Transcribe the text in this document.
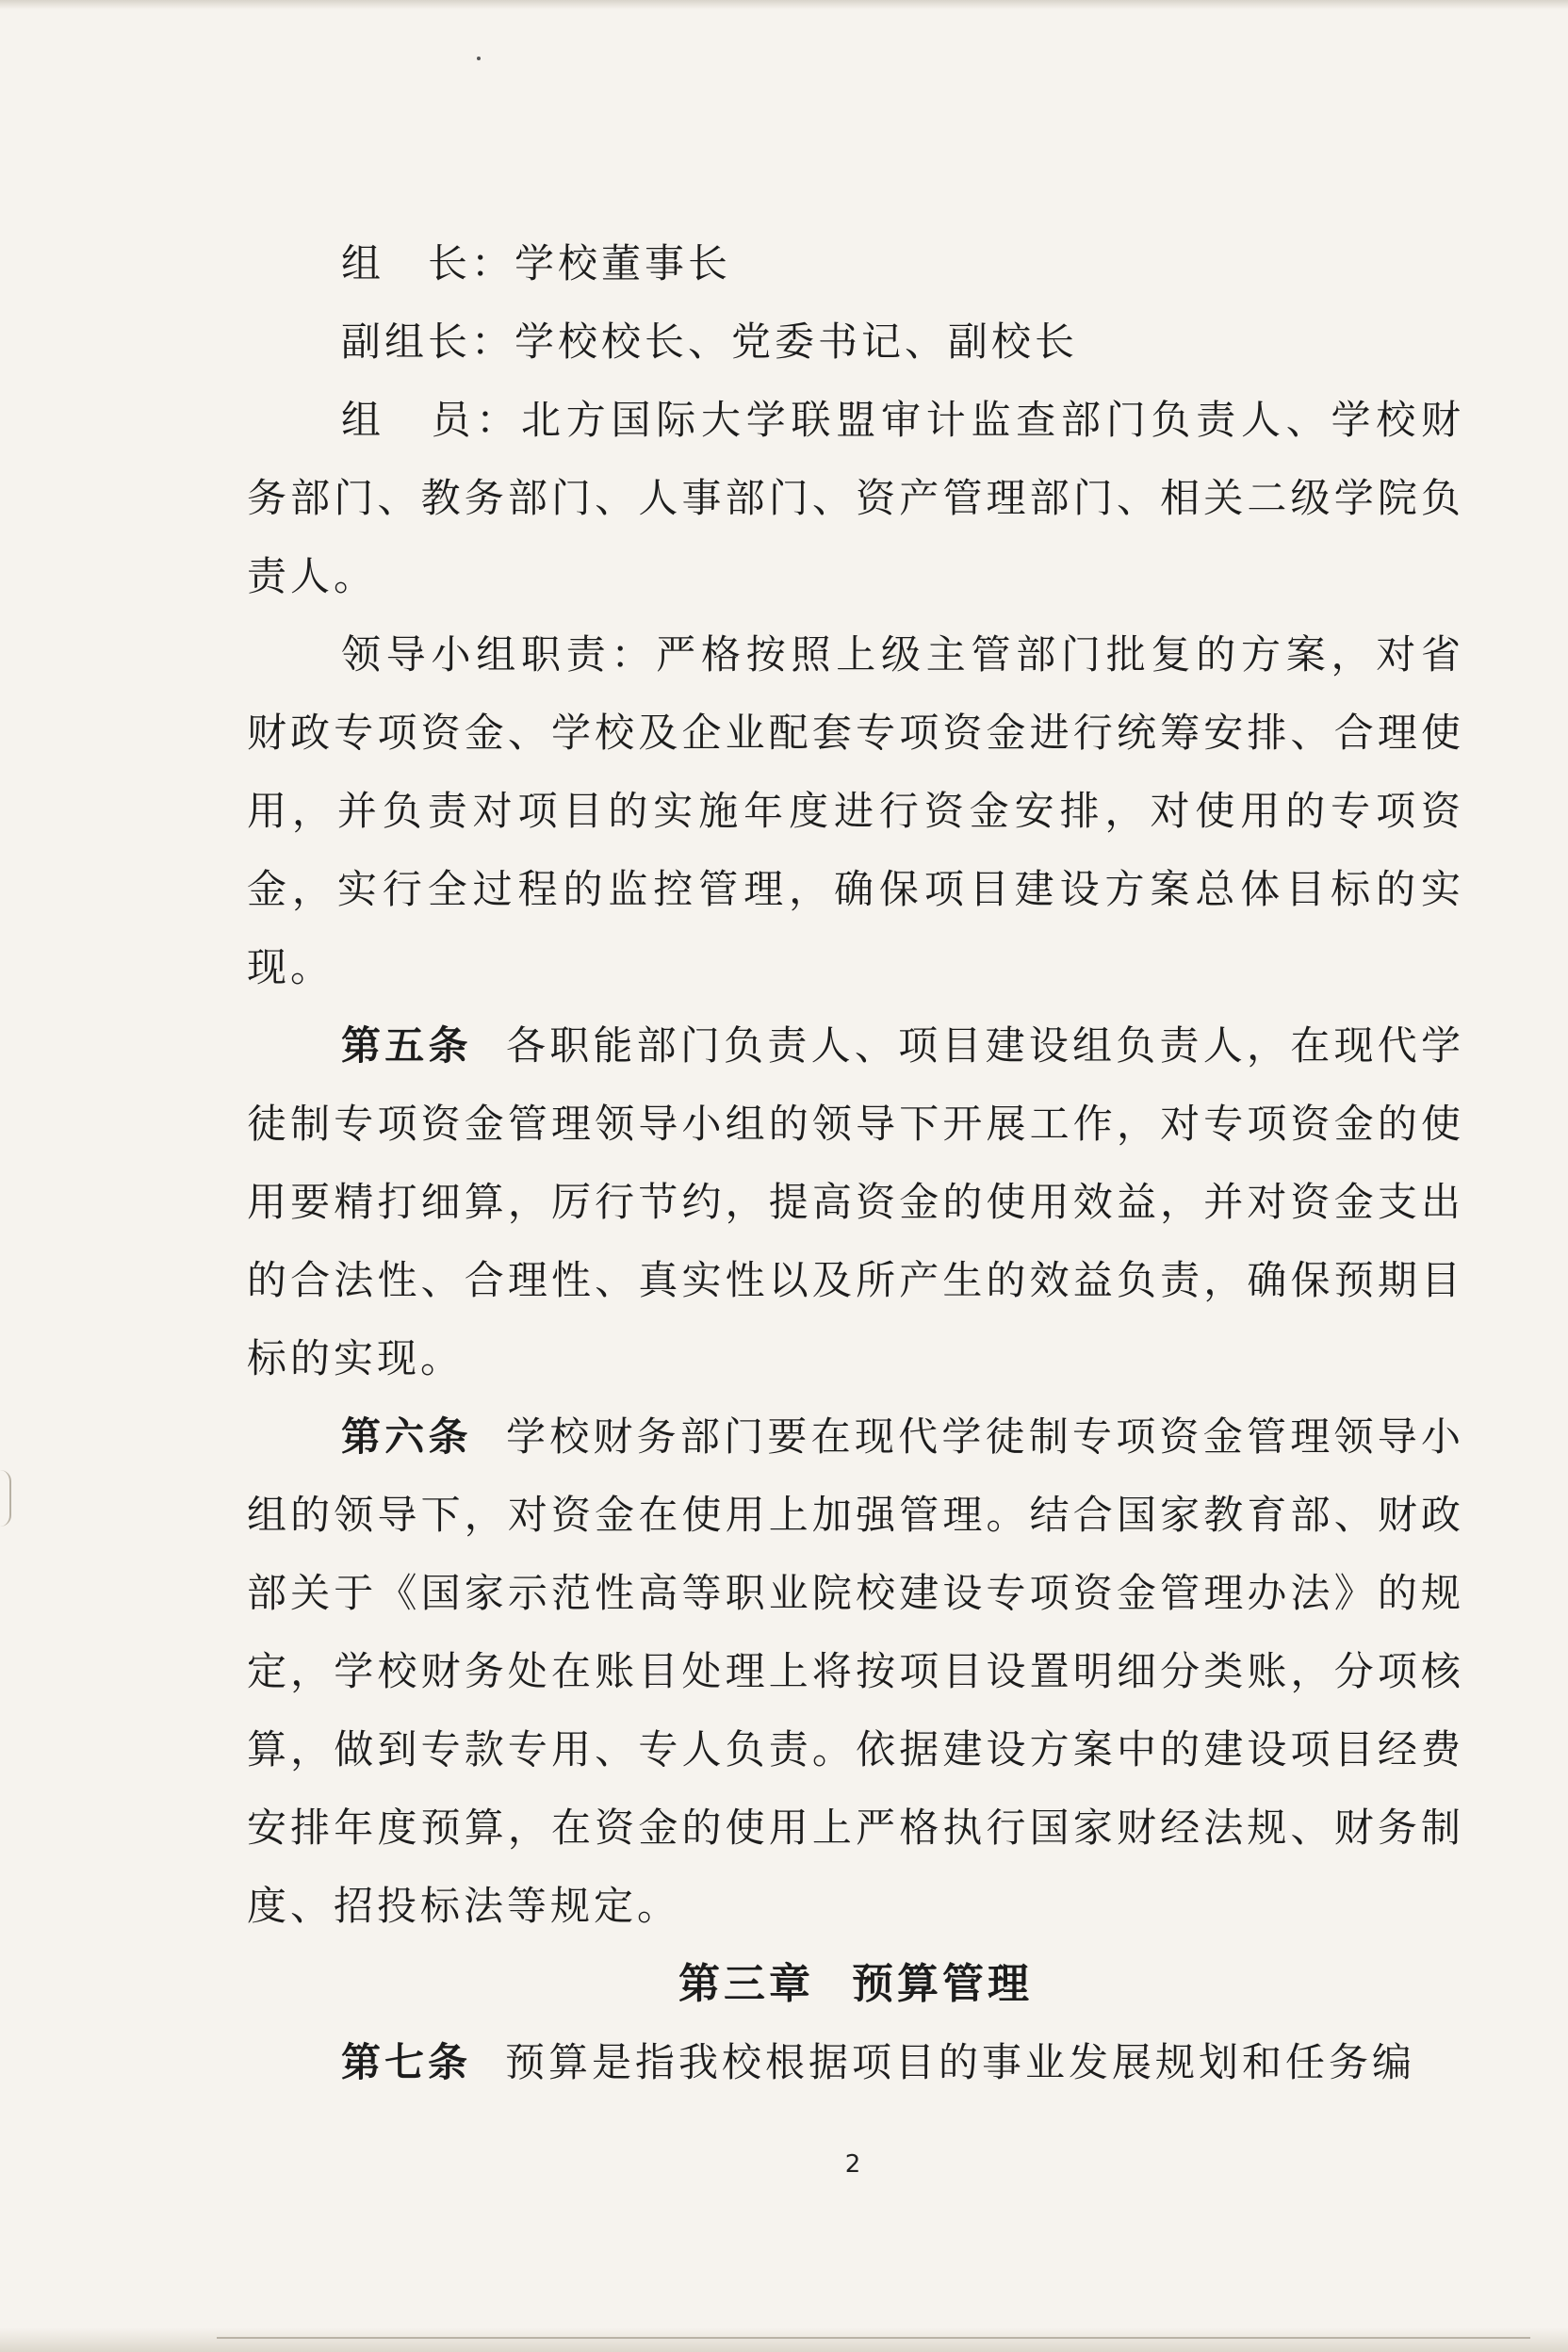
组　长：学校董事长

副组长：学校校长、党委书记、副校长

组　员：北方国际大学联盟审计监查部门负责人、学校财务部门、教务部门、人事部门、资产管理部门、相关二级学院负责人。

领导小组职责：严格按照上级主管部门批复的方案，对省财政专项资金、学校及企业配套专项资金进行统筹安排、合理使用，并负责对项目的实施年度进行资金安排，对使用的专项资金，实行全过程的监控管理，确保项目建设方案总体目标的实现。

第五条 各职能部门负责人、项目建设组负责人，在现代学徒制专项资金管理领导小组的领导下开展工作，对专项资金的使用要精打细算，厉行节约，提高资金的使用效益，并对资金支出的合法性、合理性、真实性以及所产生的效益负责，确保预期目标的实现。

第六条 学校财务部门要在现代学徒制专项资金管理领导小组的领导下，对资金在使用上加强管理。结合国家教育部、财政部关于《国家示范性高等职业院校建设专项资金管理办法》的规定，学校财务处在账目处理上将按项目设置明细分类账，分项核算，做到专款专用、专人负责。依据建设方案中的建设项目经费安排年度预算，在资金的使用上严格执行国家财经法规、财务制度、招投标法等规定。

第三章 预算管理

第七条 预算是指我校根据项目的事业发展规划和任务编

2
